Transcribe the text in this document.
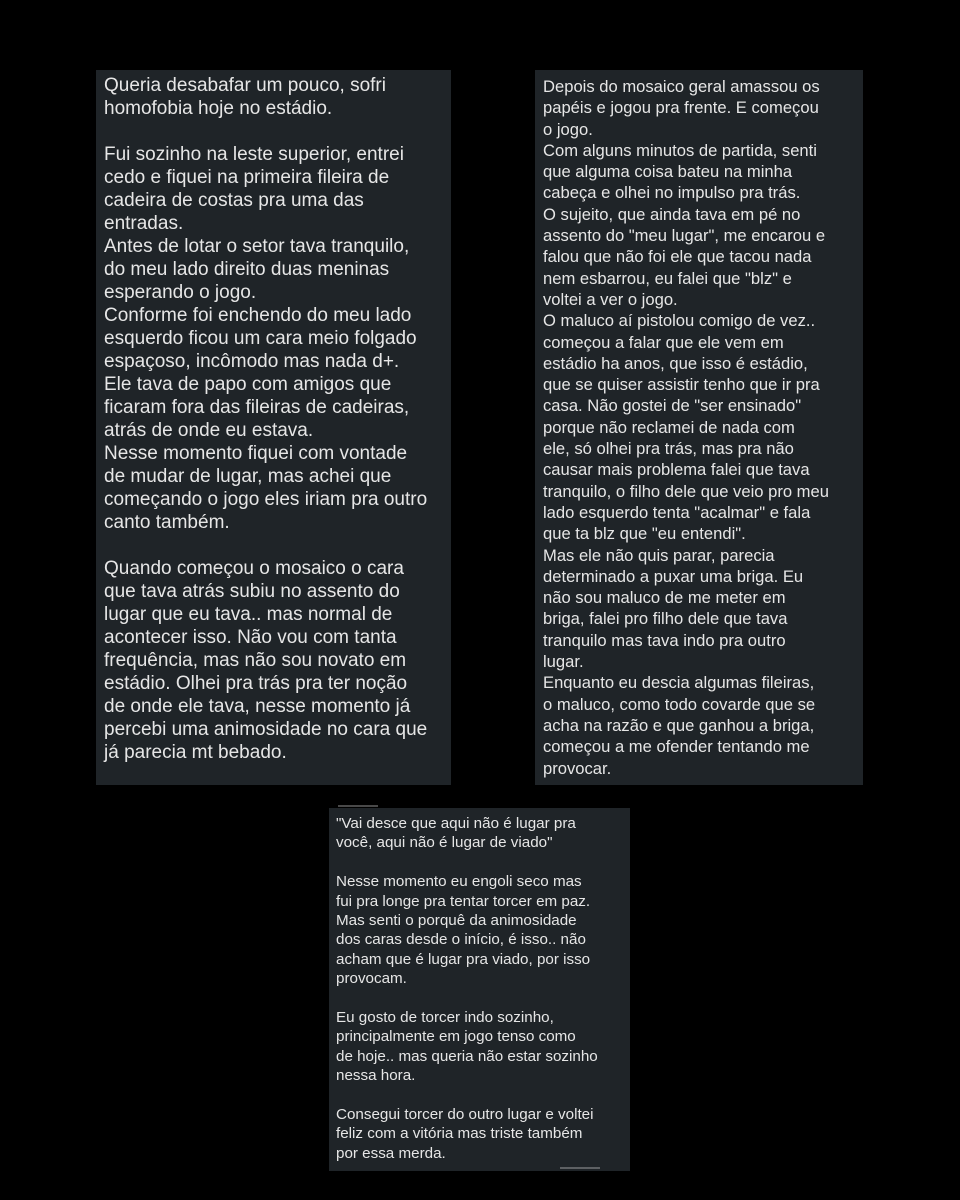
Queria desabafar um pouco, sofri
homofobia hoje no estádio.

Fui sozinho na leste superior, entrei
cedo e fiquei na primeira fileira de
cadeira de costas pra uma das
entradas.
Antes de lotar o setor tava tranquilo,
do meu lado direito duas meninas
esperando o jogo.
Conforme foi enchendo do meu lado
esquerdo ficou um cara meio folgado
espaçoso, incômodo mas nada d+.
Ele tava de papo com amigos que
ficaram fora das fileiras de cadeiras,
atrás de onde eu estava.
Nesse momento fiquei com vontade
de mudar de lugar, mas achei que
começando o jogo eles iriam pra outro
canto também.

Quando começou o mosaico o cara
que tava atrás subiu no assento do
lugar que eu tava.. mas normal de
acontecer isso. Não vou com tanta
frequência, mas não sou novato em
estádio. Olhei pra trás pra ter noção
de onde ele tava, nesse momento já
percebi uma animosidade no cara que
já parecia mt bebado.

Depois do mosaico geral amassou os
papéis e jogou pra frente. E começou
o jogo.
Com alguns minutos de partida, senti
que alguma coisa bateu na minha
cabeça e olhei no impulso pra trás.
O sujeito, que ainda tava em pé no
assento do "meu lugar", me encarou e
falou que não foi ele que tacou nada
nem esbarrou, eu falei que "blz" e
voltei a ver o jogo.
O maluco aí pistolou comigo de vez..
começou a falar que ele vem em
estádio ha anos, que isso é estádio,
que se quiser assistir tenho que ir pra
casa. Não gostei de "ser ensinado"
porque não reclamei de nada com
ele, só olhei pra trás, mas pra não
causar mais problema falei que tava
tranquilo, o filho dele que veio pro meu
lado esquerdo tenta "acalmar" e fala
que ta blz que "eu entendi".
Mas ele não quis parar, parecia
determinado a puxar uma briga. Eu
não sou maluco de me meter em
briga, falei pro filho dele que tava
tranquilo mas tava indo pra outro
lugar.
Enquanto eu descia algumas fileiras,
o maluco, como todo covarde que se
acha na razão e que ganhou a briga,
começou a me ofender tentando me
provocar.

"Vai desce que aqui não é lugar pra
você, aqui não é lugar de viado"

Nesse momento eu engoli seco mas
fui pra longe pra tentar torcer em paz.
Mas senti o porquê da animosidade
dos caras desde o início, é isso.. não
acham que é lugar pra viado, por isso
provocam.

Eu gosto de torcer indo sozinho,
principalmente em jogo tenso como
de hoje.. mas queria não estar sozinho
nessa hora.

Consegui torcer do outro lugar e voltei
feliz com a vitória mas triste também
por essa merda.
